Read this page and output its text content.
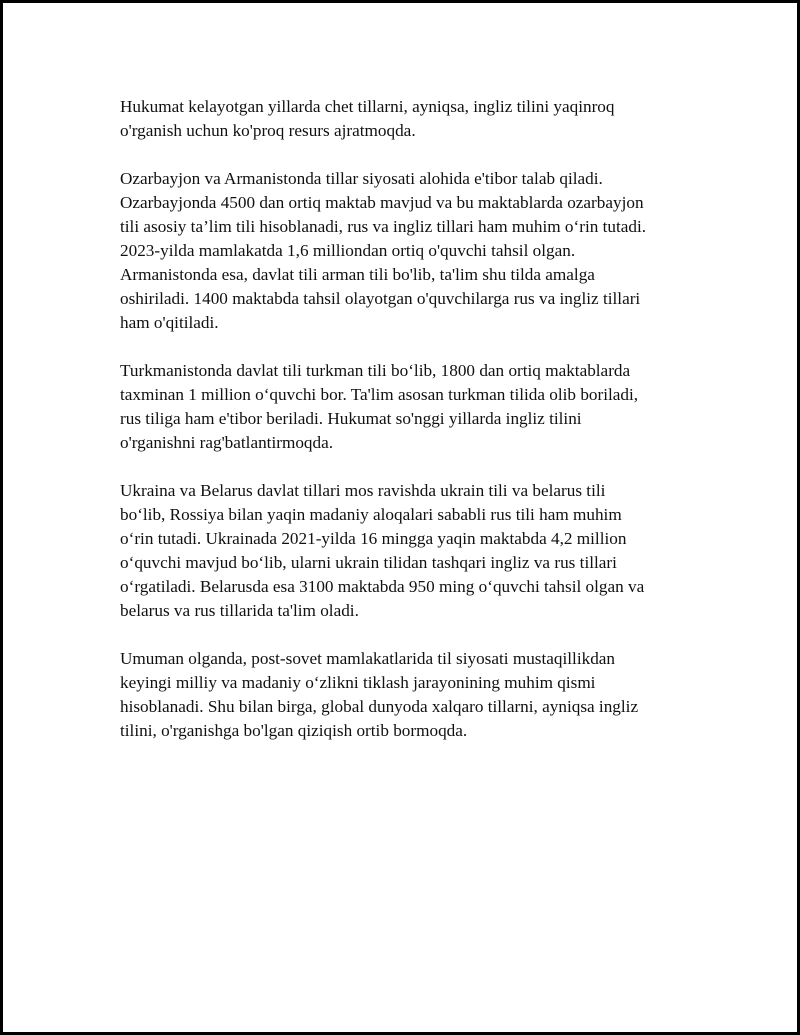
Hukumat kelayotgan yillarda chet tillarni, ayniqsa, ingliz tilini yaqinroq
o'rganish uchun ko'proq resurs ajratmoqda.

Ozarbayjon va Armanistonda tillar siyosati alohida e'tibor talab qiladi.
Ozarbayjonda 4500 dan ortiq maktab mavjud va bu maktablarda ozarbayjon
tili asosiy ta’lim tili hisoblanadi, rus va ingliz tillari ham muhim o‘rin tutadi.
2023-yilda mamlakatda 1,6 milliondan ortiq o'quvchi tahsil olgan.
Armanistonda esa, davlat tili arman tili bo'lib, ta'lim shu tilda amalga
oshiriladi. 1400 maktabda tahsil olayotgan o'quvchilarga rus va ingliz tillari
ham o'qitiladi.

Turkmanistonda davlat tili turkman tili bo‘lib, 1800 dan ortiq maktablarda
taxminan 1 million o‘quvchi bor. Ta'lim asosan turkman tilida olib boriladi,
rus tiliga ham e'tibor beriladi. Hukumat so'nggi yillarda ingliz tilini
o'rganishni rag'batlantirmoqda.

Ukraina va Belarus davlat tillari mos ravishda ukrain tili va belarus tili
bo‘lib, Rossiya bilan yaqin madaniy aloqalari sababli rus tili ham muhim
o‘rin tutadi. Ukrainada 2021-yilda 16 mingga yaqin maktabda 4,2 million
o‘quvchi mavjud bo‘lib, ularni ukrain tilidan tashqari ingliz va rus tillari
o‘rgatiladi. Belarusda esa 3100 maktabda 950 ming o‘quvchi tahsil olgan va
belarus va rus tillarida ta'lim oladi.

Umuman olganda, post-sovet mamlakatlarida til siyosati mustaqillikdan
keyingi milliy va madaniy o‘zlikni tiklash jarayonining muhim qismi
hisoblanadi. Shu bilan birga, global dunyoda xalqaro tillarni, ayniqsa ingliz
tilini, o'rganishga bo'lgan qiziqish ortib bormoqda.
